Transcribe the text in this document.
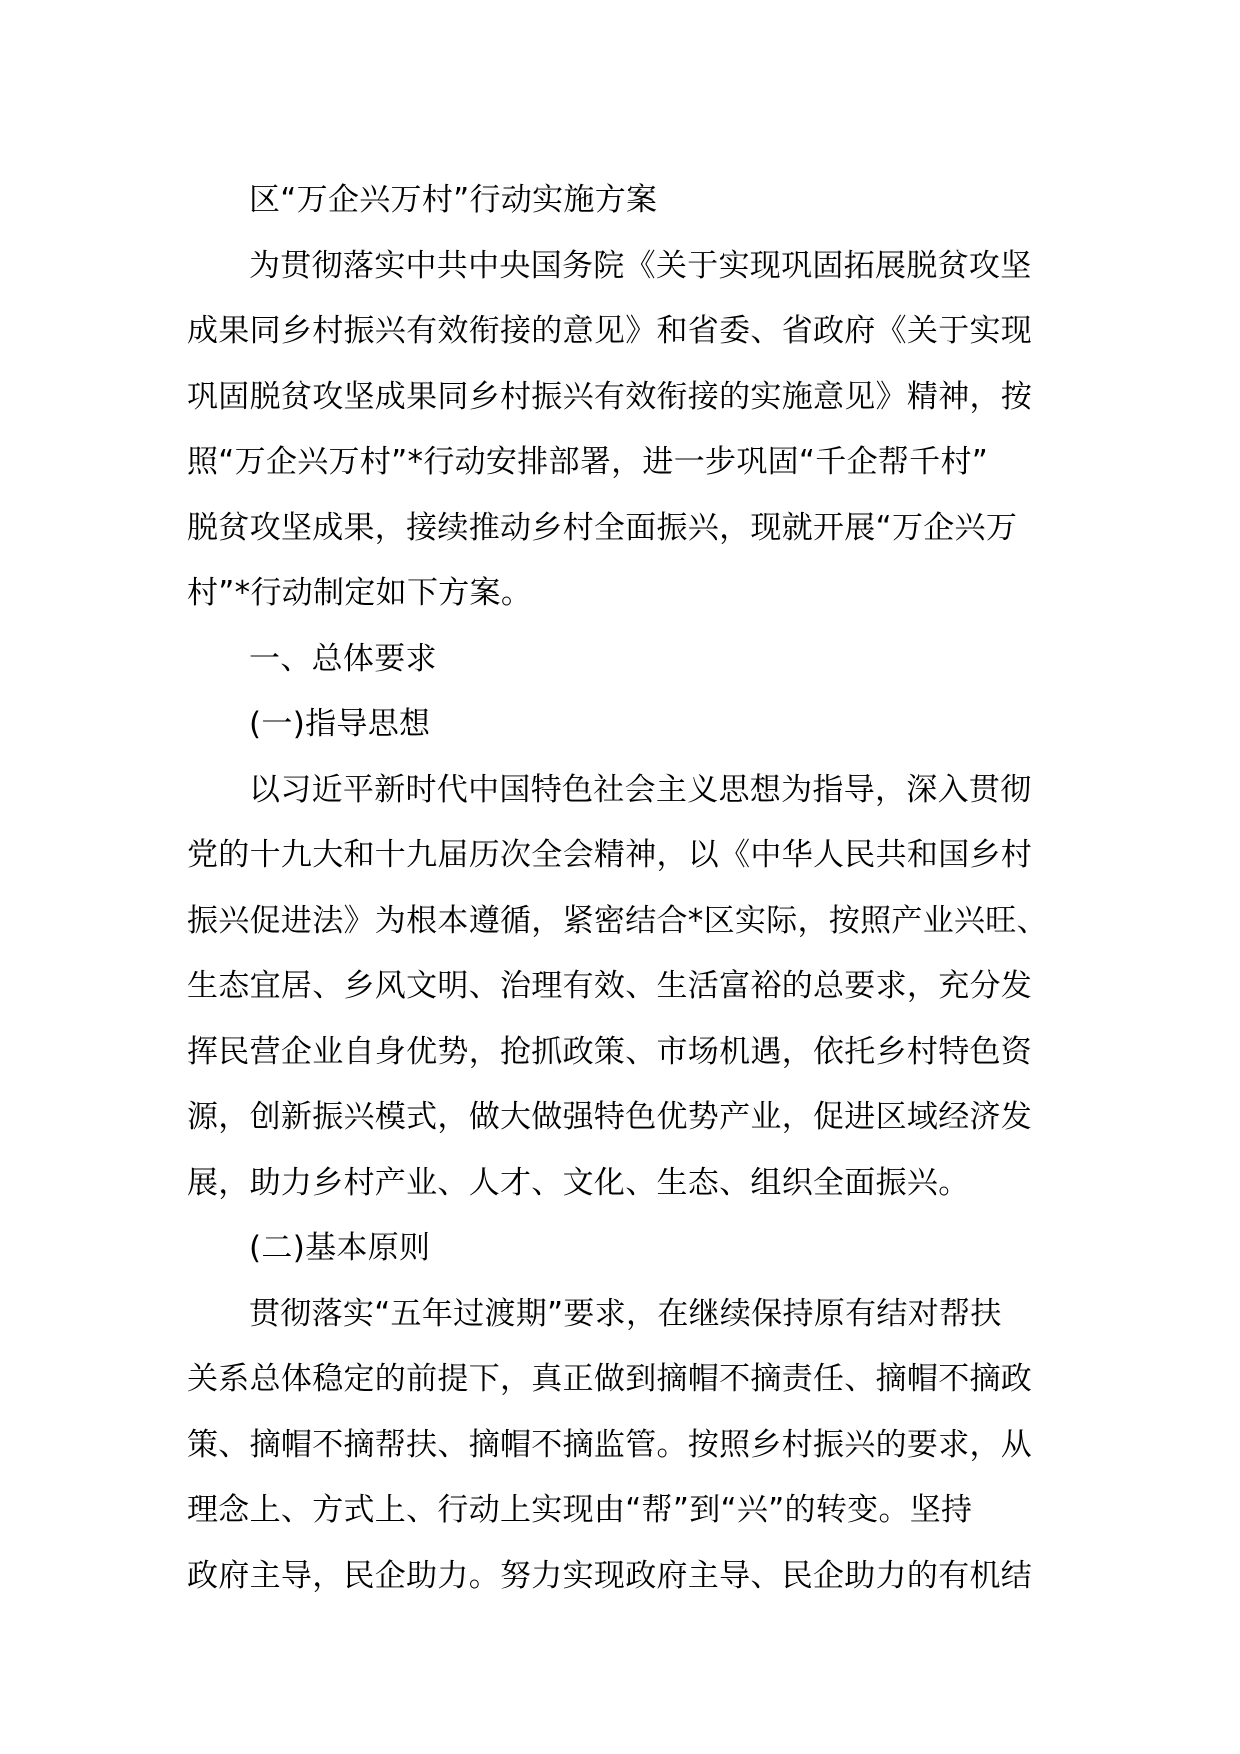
区“万企兴万村”行动实施方案
为贯彻落实中共中央国务院《关于实现巩固拓展脱贫攻坚
成果同乡村振兴有效衔接的意见》和省委、省政府《关于实现
巩固脱贫攻坚成果同乡村振兴有效衔接的实施意见》精神，按
照“万企兴万村”*行动安排部署，进一步巩固“千企帮千村”
脱贫攻坚成果，接续推动乡村全面振兴，现就开展“万企兴万
村”*行动制定如下方案。
一、总体要求
(一)指导思想
以习近平新时代中国特色社会主义思想为指导，深入贯彻
党的十九大和十九届历次全会精神，以《中华人民共和国乡村
振兴促进法》为根本遵循，紧密结合*区实际，按照产业兴旺、
生态宜居、乡风文明、治理有效、生活富裕的总要求，充分发
挥民营企业自身优势，抢抓政策、市场机遇，依托乡村特色资
源，创新振兴模式，做大做强特色优势产业，促进区域经济发
展，助力乡村产业、人才、文化、生态、组织全面振兴。
(二)基本原则
贯彻落实“五年过渡期”要求，在继续保持原有结对帮扶
关系总体稳定的前提下，真正做到摘帽不摘责任、摘帽不摘政
策、摘帽不摘帮扶、摘帽不摘监管。按照乡村振兴的要求，从
理念上、方式上、行动上实现由“帮”到“兴”的转变。坚持
政府主导，民企助力。努力实现政府主导、民企助力的有机结
